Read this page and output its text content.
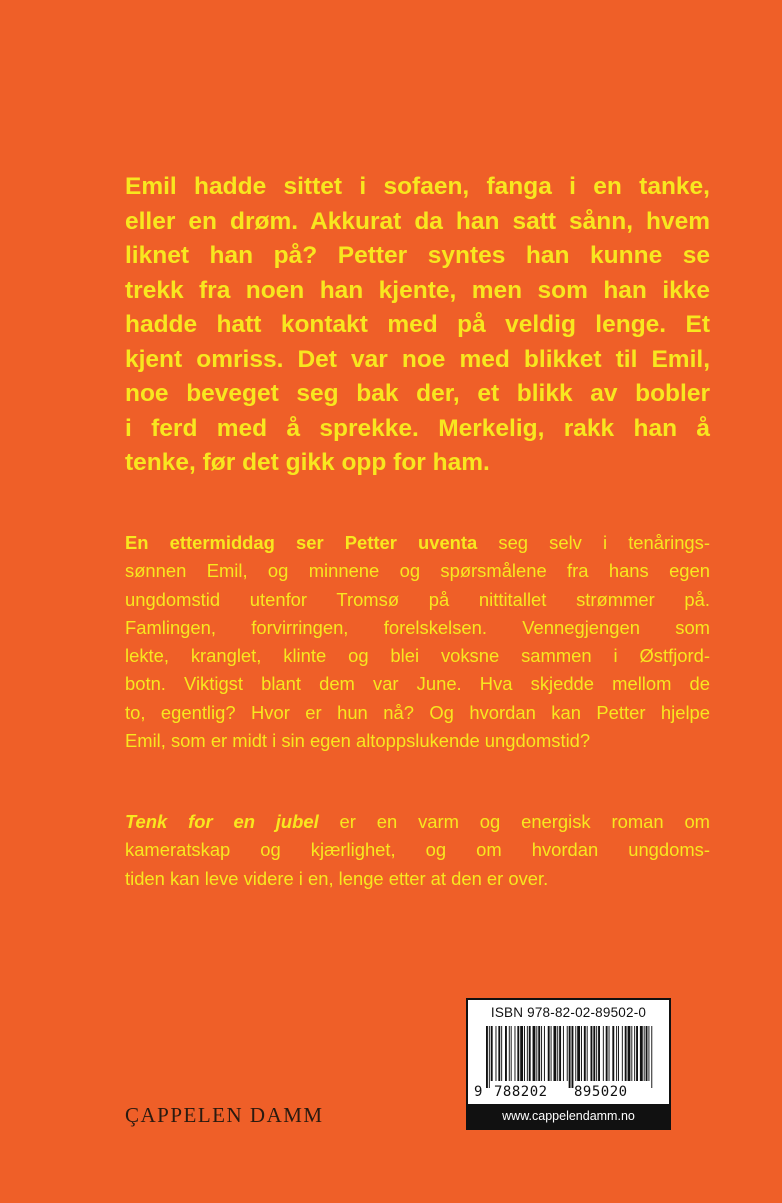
Emil hadde sittet i sofaen, fanga i en tanke,
eller en drøm. Akkurat da han satt sånn, hvem
liknet han på? Petter syntes han kunne se
trekk fra noen han kjente, men som han ikke
hadde hatt kontakt med på veldig lenge. Et
kjent omriss. Det var noe med blikket til Emil,
noe beveget seg bak der, et blikk av bobler
i ferd med å sprekke. Merkelig, rakk han å
tenke, før det gikk opp for ham.
En ettermiddag ser Petter uventa seg selv i tenårings-
sønnen Emil, og minnene og spørsmålene fra hans egen
ungdomstid utenfor Tromsø på nittitallet strømmer på.
Famlingen, forvirringen, forelskelsen. Vennegjengen som
lekte, kranglet, klinte og blei voksne sammen i Østfjord-
botn. Viktigst blant dem var June. Hva skjedde mellom de
to, egentlig? Hvor er hun nå? Og hvordan kan Petter hjelpe
Emil, som er midt i sin egen altoppslukende ungdomstid?
Tenk for en jubel er en varm og energisk roman om
kameratskap og kjærlighet, og om hvordan ungdoms-
tiden kan leve videre i en, lenge etter at den er over.
ÇAPPELEN DAMM
ISBN 978-82-02-89502-0
9 788202 895020
www.cappelendamm.no
